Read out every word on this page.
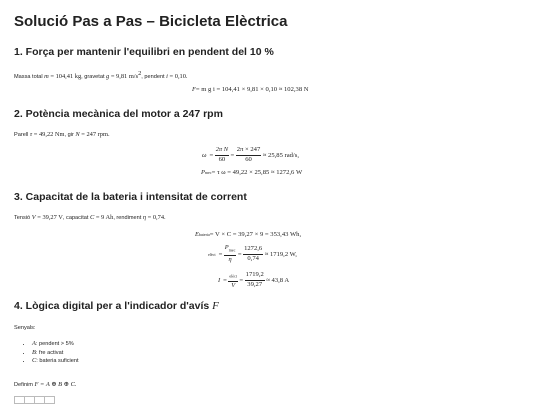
Solució Pas a Pas – Bicicleta Elèctrica
1. Força per mantenir l'equilibri en pendent del 10 %
Massa total m = 104,41 kg, gravetat g = 9,81 $m/s^2$, pendent i = 0,10.
F = m g i = 104,41 × 9,81 × 0,10 ≈ 102,38 N
2. Potència mecànica del motor a 247 rpm
Parell τ = 49,22 Nm, gir N = 247 rpm.
$\omega = \frac{\text{2π N}}{60} = \frac{2\pi \times 247}{60} \approx 25,85$ rad/s,
P mec = τ ω = 49,22 × 25,85 ≈ 1272,6 W
3. Capacitat de la bateria i intensitat de corrent
Tensió V = 39,27 V, capacitat C = 9 Ah, rendiment η = 0,74.
E bateria = V × C = 39,27 × 9 = 353,43 Wh,
elèct = $\frac{P_{mec}}{\eta} = \frac{1272,6}{0,74} \approx 1719,2$ W,
$I = \frac{_{elèct}}{V} = \frac{1719,2}{39,27} \approx 43,8$ A
4. Lògica digital per a l'indicador d'avís F
Senyals:
• A: pendent > 5%
• B: fre activat
• C: bateria suficient
Definim F = A ⊕ B ⊕ C.
